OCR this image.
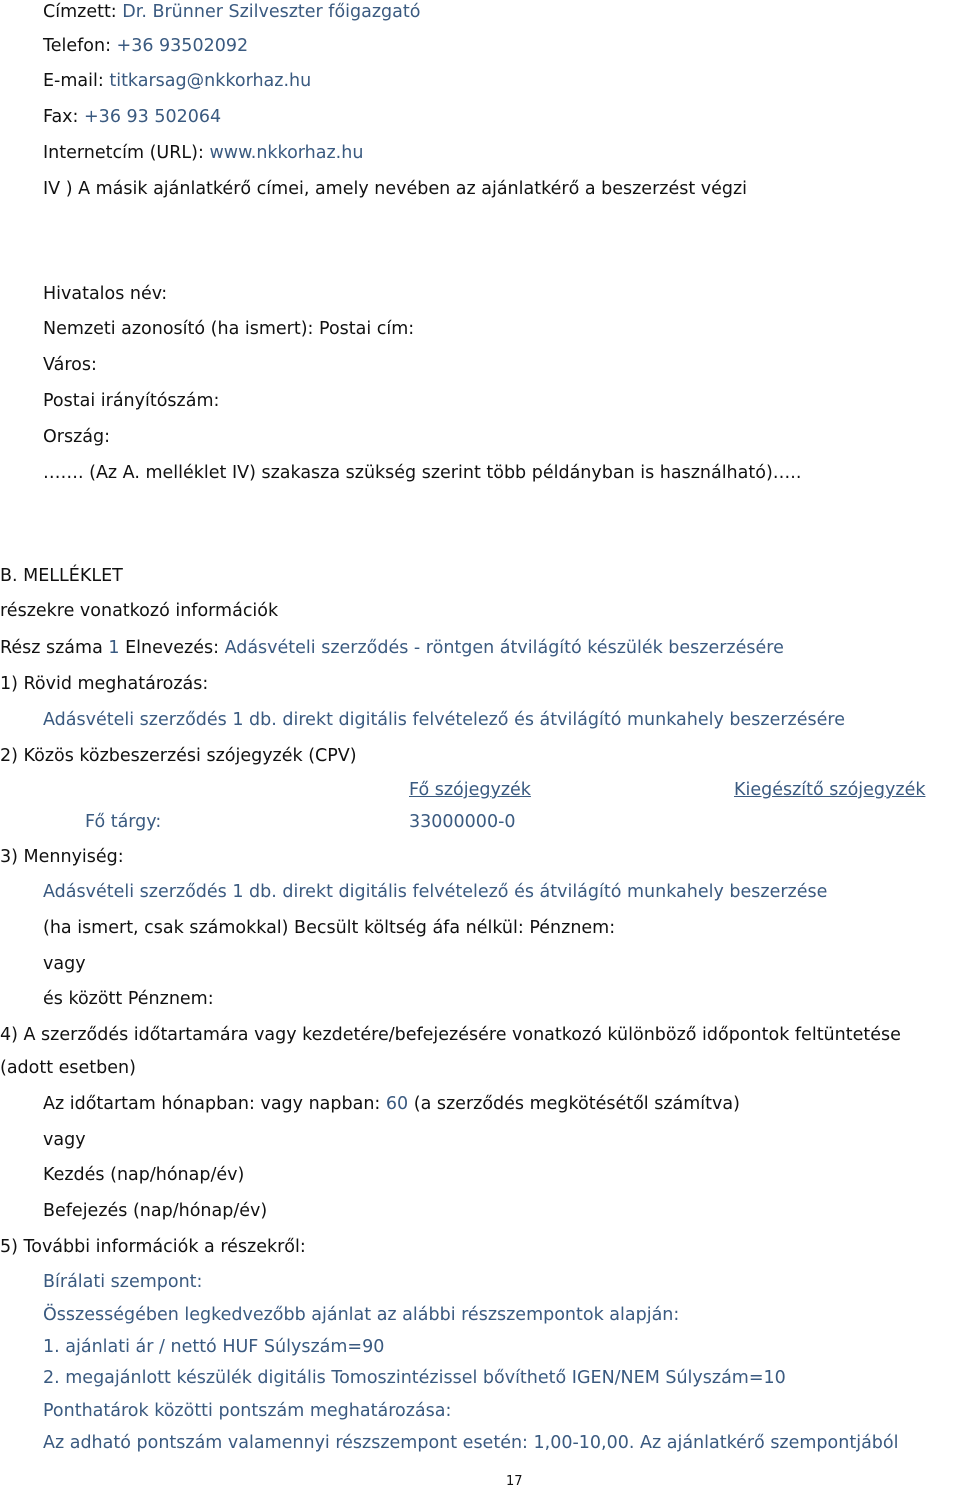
Címzett: Dr. Brünner Szilveszter főigazgató
Telefon: +36 93502092
E-mail: titkarsag@nkkorhaz.hu
Fax: +36 93 502064
Internetcím (URL): www.nkkorhaz.hu
IV ) A másik ajánlatkérő címei, amely nevében az ajánlatkérő a beszerzést végzi
Hivatalos név:
Nemzeti azonosító (ha ismert): Postai cím:
Város:
Postai irányítószám:
Ország:
……. (Az A. melléklet IV) szakasza szükség szerint több példányban is használható)…..
B. MELLÉKLET
részekre vonatkozó információk
Rész száma 1 Elnevezés: Adásvételi szerződés - röntgen átvilágító készülék beszerzésére
1) Rövid meghatározás:
Adásvételi szerződés 1 db. direkt digitális felvételező és átvilágító munkahely beszerzésére
2) Közös közbeszerzési szójegyzék (CPV)
Fő szójegyzék	Kiegészítő szójegyzék
Fő tárgy:	33000000-0
3) Mennyiség:
Adásvételi szerződés 1 db. direkt digitális felvételező és átvilágító munkahely beszerzése
(ha ismert, csak számokkal) Becsült költség áfa nélkül: Pénznem:
vagy
és között Pénznem:
4) A szerződés időtartamára vagy kezdetére/befejezésére vonatkozó különböző időpontok feltüntetése
(adott esetben)
Az időtartam hónapban: vagy napban: 60 (a szerződés megkötésétől számítva)
vagy
Kezdés (nap/hónap/év)
Befejezés (nap/hónap/év)
5) További információk a részekről:
Bírálati szempont:
Összességében legkedvezőbb ajánlat az alábbi részszempontok alapján:
1. ajánlati ár / nettó HUF Súlyszám=90
2. megajánlott készülék digitális Tomoszintézissel bővíthető IGEN/NEM Súlyszám=10
Ponthatárok közötti pontszám meghatározása:
Az adható pontszám valamennyi részszempont esetén: 1,00-10,00. Az ajánlatkérő szempontjából
17
